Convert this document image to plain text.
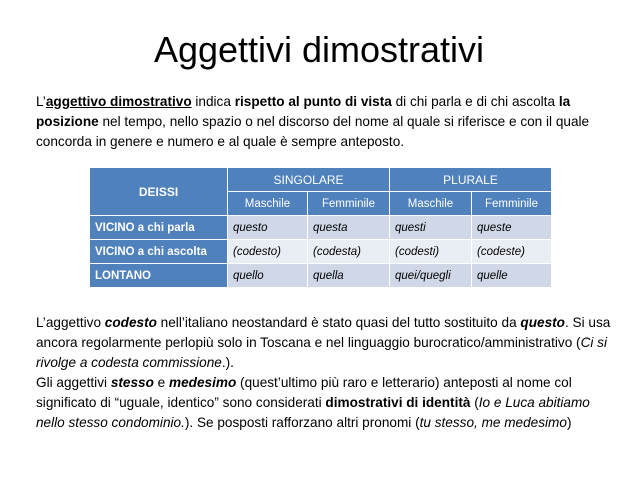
Aggettivi dimostrativi
L’aggettivo dimostrativo indica rispetto al punto di vista di chi parla e di chi ascolta la posizione nel tempo, nello spazio o nel discorso del nome al quale si riferisce e con il quale concorda in genere e numero e al quale è sempre anteposto.
DEISSI	SINGOLARE		PLURALE	
	Maschile	Femminile	Maschile	Femminile
VICINO a chi parla	questo	questa	questi	queste
VICINO a chi ascolta	(codesto)	(codesta)	(codesti)	(codeste)
LONTANO	quello	quella	quei/quegli	quelle

L’aggettivo codesto nell’italiano neostandard è stato quasi del tutto sostituito da questo. Si usa ancora regolarmente perlopiù solo in Toscana e nel linguaggio burocratico/amministrativo (Ci si rivolge a codesta commissione.).

Gli aggettivi stesso e medesimo (quest’ultimo più raro e letterario) anteposti al nome col significato di “uguale, identico” sono considerati dimostrativi di identità (Io e Luca abitiamo nello stesso condominio.). Se posposti rafforzano altri pronomi (tu stesso, me medesimo)
